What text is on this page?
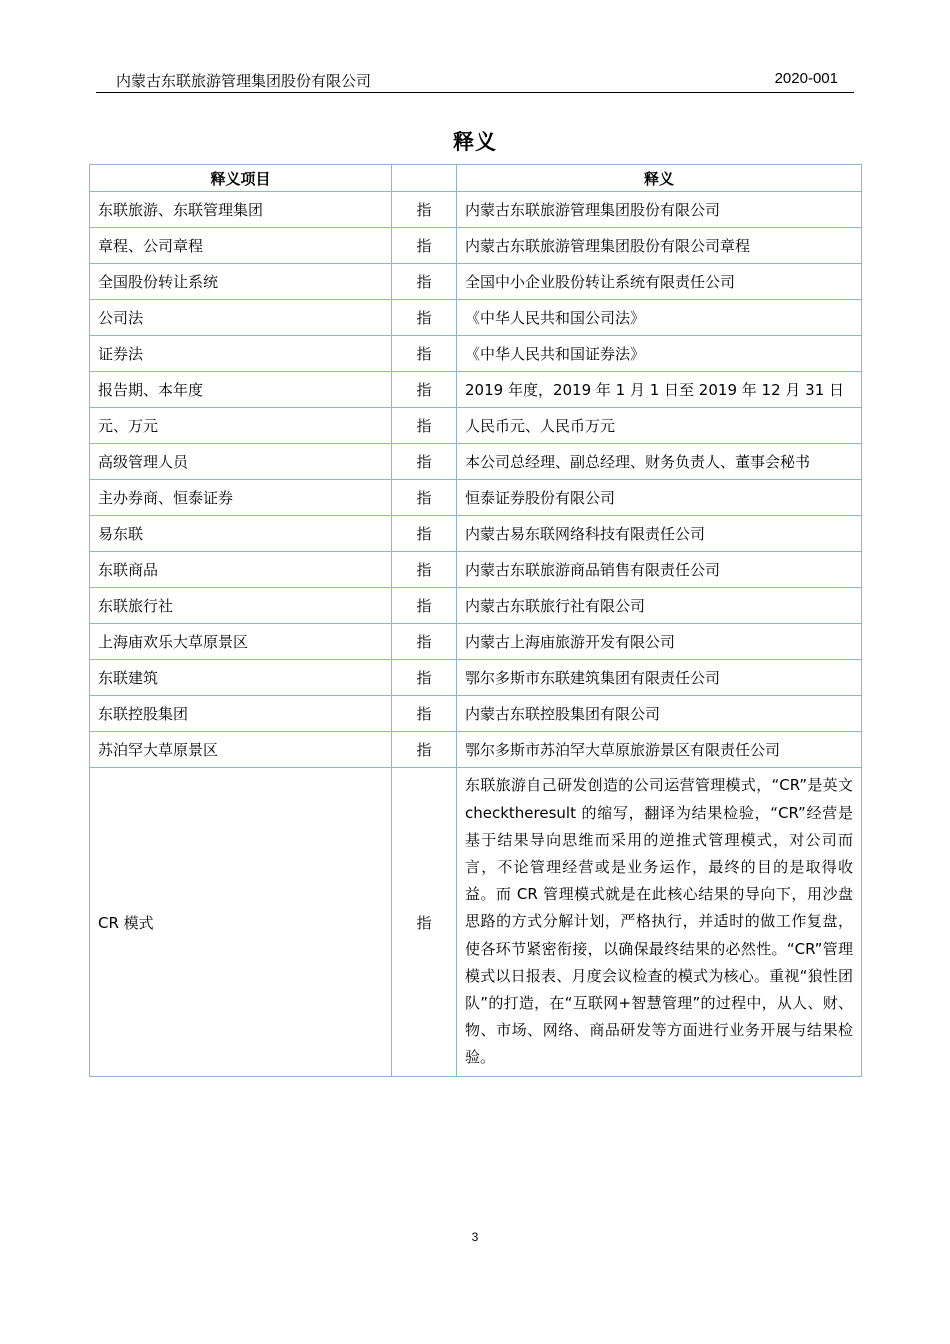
内蒙古东联旅游管理集团股份有限公司	2020-001
释义
释义项目		释义
东联旅游、东联管理集团	指	内蒙古东联旅游管理集团股份有限公司
章程、公司章程	指	内蒙古东联旅游管理集团股份有限公司章程
全国股份转让系统	指	全国中小企业股份转让系统有限责任公司
公司法	指	《中华人民共和国公司法》
证券法	指	《中华人民共和国证券法》
报告期、本年度	指	2019 年度，2019 年 1 月 1 日至 2019 年 12 月 31 日
元、万元	指	人民币元、人民币万元
高级管理人员	指	本公司总经理、副总经理、财务负责人、董事会秘书
主办券商、恒泰证券	指	恒泰证券股份有限公司
易东联	指	内蒙古易东联网络科技有限责任公司
东联商品	指	内蒙古东联旅游商品销售有限责任公司
东联旅行社	指	内蒙古东联旅行社有限公司
上海庙欢乐大草原景区	指	内蒙古上海庙旅游开发有限公司
东联建筑	指	鄂尔多斯市东联建筑集团有限责任公司
东联控股集团	指	内蒙古东联控股集团有限公司
苏泊罕大草原景区	指	鄂尔多斯市苏泊罕大草原旅游景区有限责任公司
CR 模式	指	东联旅游自己研发创造的公司运营管理模式，“CR”是英文 checktheresult 的缩写，翻译为结果检验，“CR”经营是基于结果导向思维而采用的逆推式管理模式，对公司而言，不论管理经营或是业务运作，最终的目的是取得收益。而 CR 管理模式就是在此核心结果的导向下，用沙盘思路的方式分解计划，严格执行，并适时的做工作复盘，使各环节紧密衔接，以确保最终结果的必然性。“CR”管理模式以日报表、月度会议检查的模式为核心。重视“狼性团队”的打造，在“互联网+智慧管理”的过程中，从人、财、物、市场、网络、商品研发等方面进行业务开展与结果检验。
3
